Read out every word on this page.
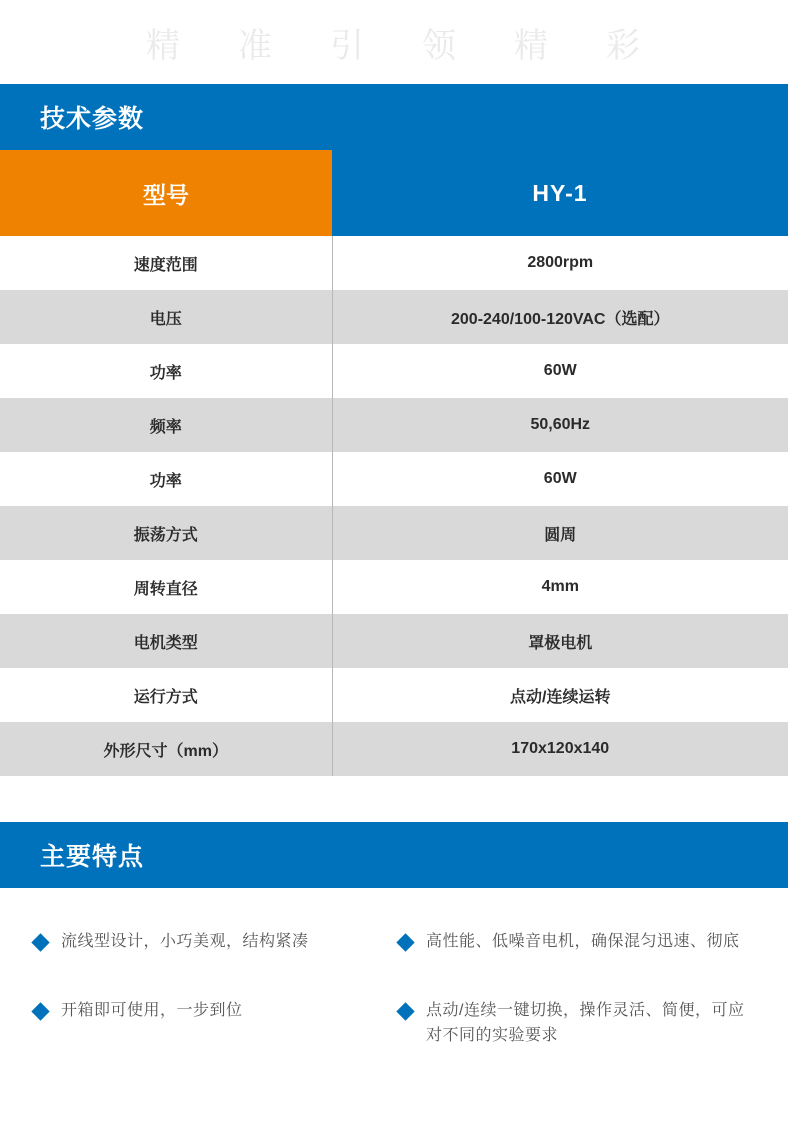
精 准 引 领 精 彩
技术参数
型号	HY-1
速度范围	2800rpm
电压	200-240/100-120VAC（选配）
功率	60W
频率	50,60Hz
功率	60W
振荡方式	圆周
周转直径	4mm
电机类型	罩极电机
运行方式	点动/连续运转
外形尺寸（mm）	170x120x140
主要特点
流线型设计，小巧美观，结构紧凑
开箱即可使用，一步到位
高性能、低噪音电机，确保混匀迅速、彻底
点动/连续一键切换，操作灵活、简便，可应对不同的实验要求
